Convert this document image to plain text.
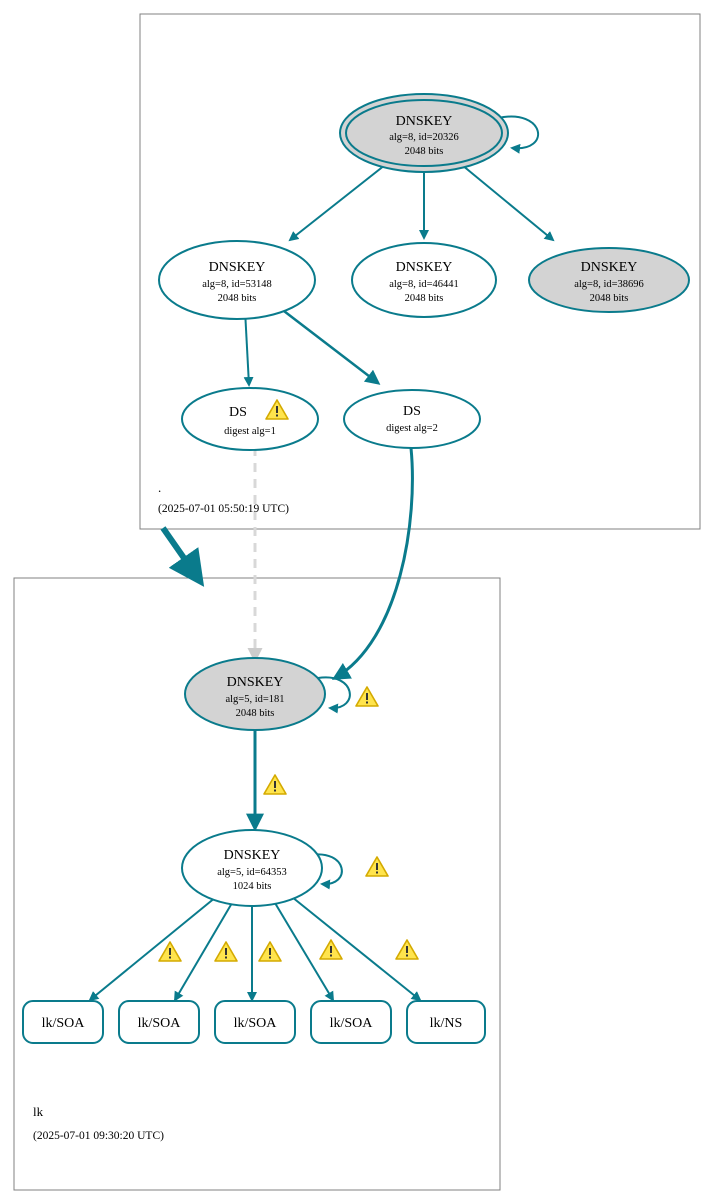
DNSKEY
alg=8, id=20326
2048 bits
DNSKEY
alg=8, id=53148
2048 bits
DNSKEY
alg=8, id=46441
2048 bits
DNSKEY
alg=8, id=38696
2048 bits
DS
digest alg=1
DS
digest alg=2
DNSKEY
alg=5, id=181
2048 bits
DNSKEY
alg=5, id=64353
1024 bits
lk/SOA	lk/SOA	lk/SOA	lk/SOA	lk/NS
.
(2025-07-01 05:50:19 UTC)
lk
(2025-07-01 09:30:20 UTC)
